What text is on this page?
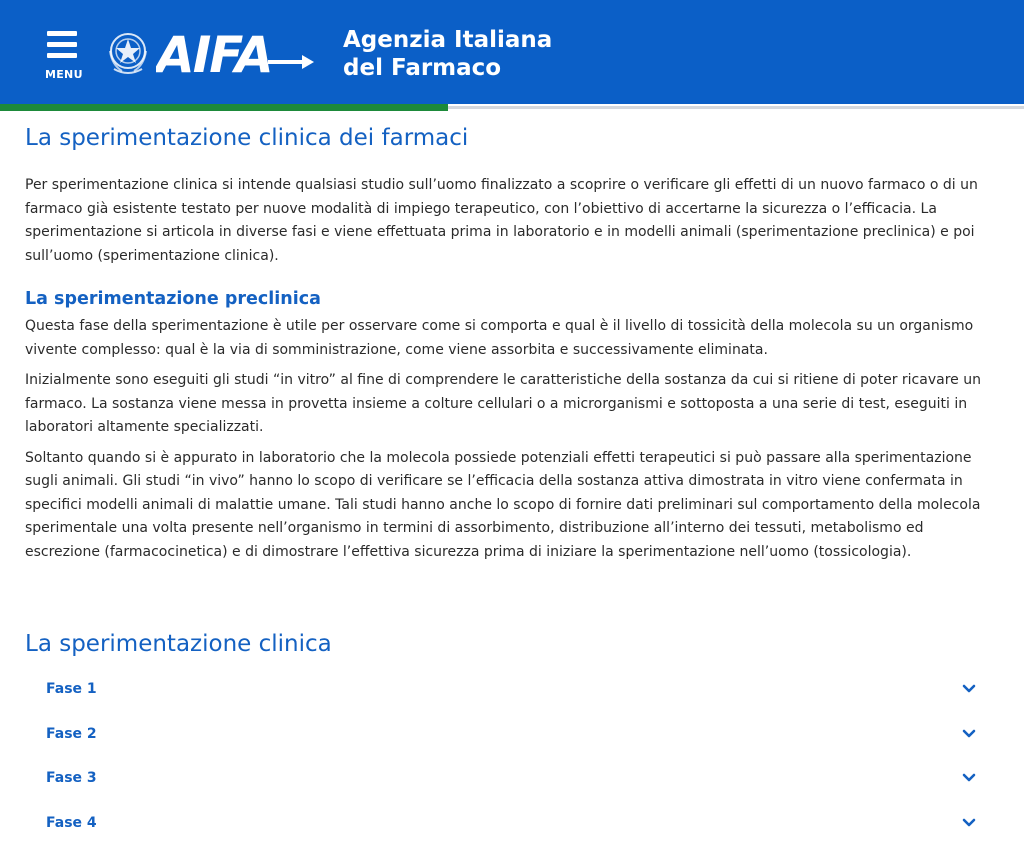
MENU AIFA	Agenzia Italiana
del Farmaco
La sperimentazione clinica dei farmaci

Per sperimentazione clinica si intende qualsiasi studio sull’uomo finalizzato a scoprire o verificare gli effetti di un nuovo farmaco o di un farmaco già esistente testato per nuove modalità di impiego terapeutico, con l’obiettivo di accertarne la sicurezza o l’efficacia. La sperimentazione si articola in diverse fasi e viene effettuata prima in laboratorio e in modelli animali (sperimentazione preclinica) e poi sull’uomo (sperimentazione clinica).

La sperimentazione preclinica

Questa fase della sperimentazione è utile per osservare come si comporta e qual è il livello di tossicità della molecola su un organismo vivente complesso: qual è la via di somministrazione, come viene assorbita e successivamente eliminata.

Inizialmente sono eseguiti gli studi “in vitro” al fine di comprendere le caratteristiche della sostanza da cui si ritiene di poter ricavare un farmaco. La sostanza viene messa in provetta insieme a colture cellulari o a microrganismi e sottoposta a una serie di test, eseguiti in laboratori altamente specializzati.

Soltanto quando si è appurato in laboratorio che la molecola possiede potenziali effetti terapeutici si può passare alla sperimentazione sugli animali. Gli studi “in vivo” hanno lo scopo di verificare se l’efficacia della sostanza attiva dimostrata in vitro viene confermata in specifici modelli animali di malattie umane. Tali studi hanno anche lo scopo di fornire dati preliminari sul comportamento della molecola sperimentale una volta presente nell’organismo in termini di assorbimento, distribuzione all’interno dei tessuti, metabolismo ed escrezione (farmacocinetica) e di dimostrare l’effettiva sicurezza prima di iniziare la sperimentazione nell’uomo (tossicologia).

La sperimentazione clinica
Fase 1
Fase 2
Fase 3
Fase 4
